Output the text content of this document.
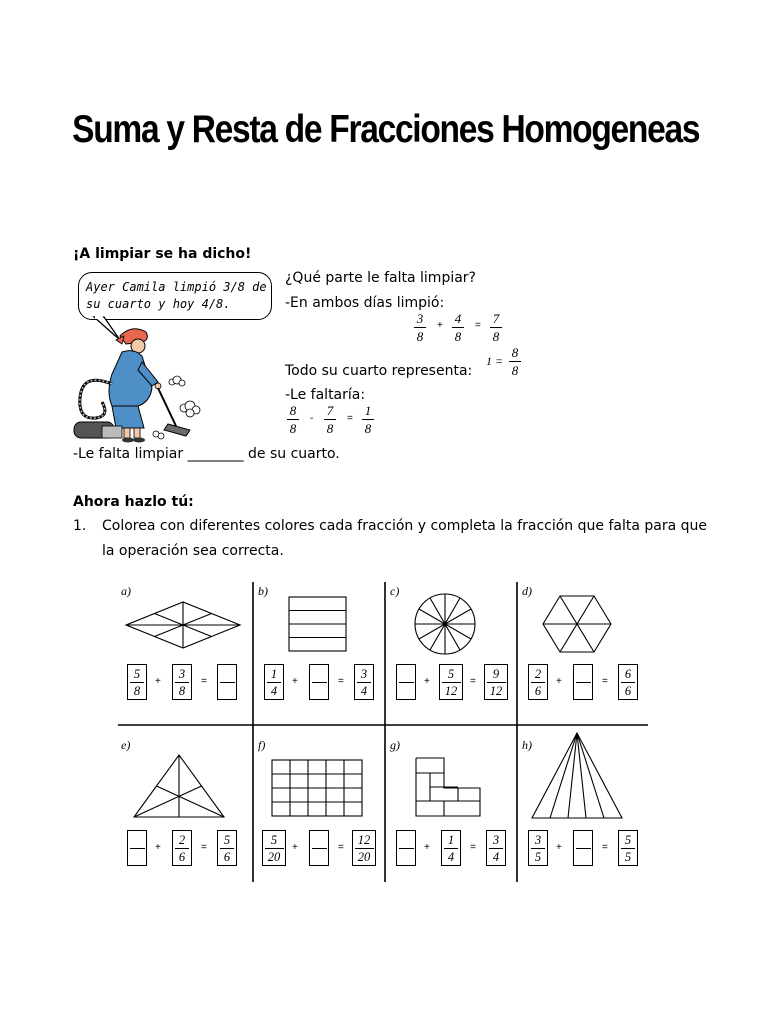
Suma y Resta de Fracciones Homogeneas
¡A limpiar se ha dicho!
Ayer Camila limpió 3/8 de
su cuarto y hoy 4/8.
¿Qué parte le falta limpiar?
-En ambos días limpió:
3
8
+ 4
8
= 7
8
1 =
8
8
Todo su cuarto representa:
-Le faltaría:
8
8
-
7
8
=
1
8
-Le falta limpiar ________ de su cuarto.
Ahora hazlo tú:
1. Colorea con diferentes colores cada fracción y completa la fracción que falta para que
la operación sea correcta.
a)
5
8
3
8
+	=
b)
1
4
3
4
+	=
c)
5
12
9
12
+	=
d)
2
6
6
6
+	=
e)
2
6
5
6
+	=
f)
5
20
12
20
+	=
g)
1
4
3
4
+	=
h)
3
5
5
5
+	=
